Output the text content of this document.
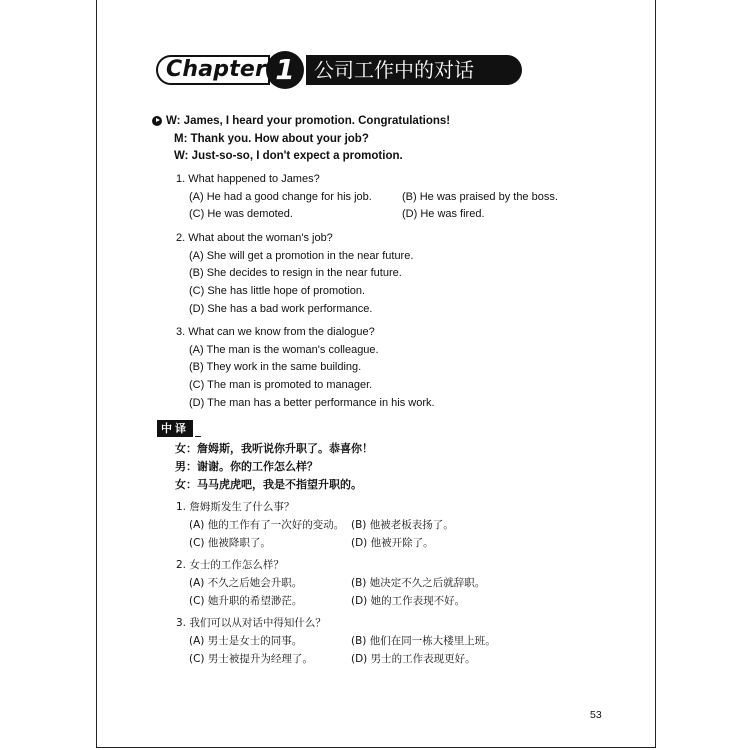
Chapter 1 公司工作中的对话
W: James, I heard your promotion. Congratulations!
M: Thank you. How about your job?
W: Just-so-so, I don't expect a promotion.
1. What happened to James?
(A) He had a good change for his job.	(B) He was praised by the boss.
(C) He was demoted.	(D) He was fired.
2. What about the woman's job?
(A) She will get a promotion in the near future.
(B) She decides to resign in the near future.
(C) She has little hope of promotion.
(D) She has a bad work performance.
3. What can we know from the dialogue?
(A) The man is the woman's colleague.
(B) They work in the same building.
(C) The man is promoted to manager.
(D) The man has a better performance in his work.
中译
女：詹姆斯，我听说你升职了。恭喜你！
男：谢谢。你的工作怎么样？
女：马马虎虎吧，我是不指望升职的。
1. 詹姆斯发生了什么事？
(A) 他的工作有了一次好的变动。 (B) 他被老板表扬了。
(C) 他被降职了。	(D) 他被开除了。
2. 女士的工作怎么样？
(A) 不久之后她会升职。	(B) 她决定不久之后就辞职。
(C) 她升职的希望渺茫。	(D) 她的工作表现不好。
3. 我们可以从对话中得知什么？
(A) 男士是女士的同事。	(B) 他们在同一栋大楼里上班。
(C) 男士被提升为经理了。	(D) 男士的工作表现更好。
53
